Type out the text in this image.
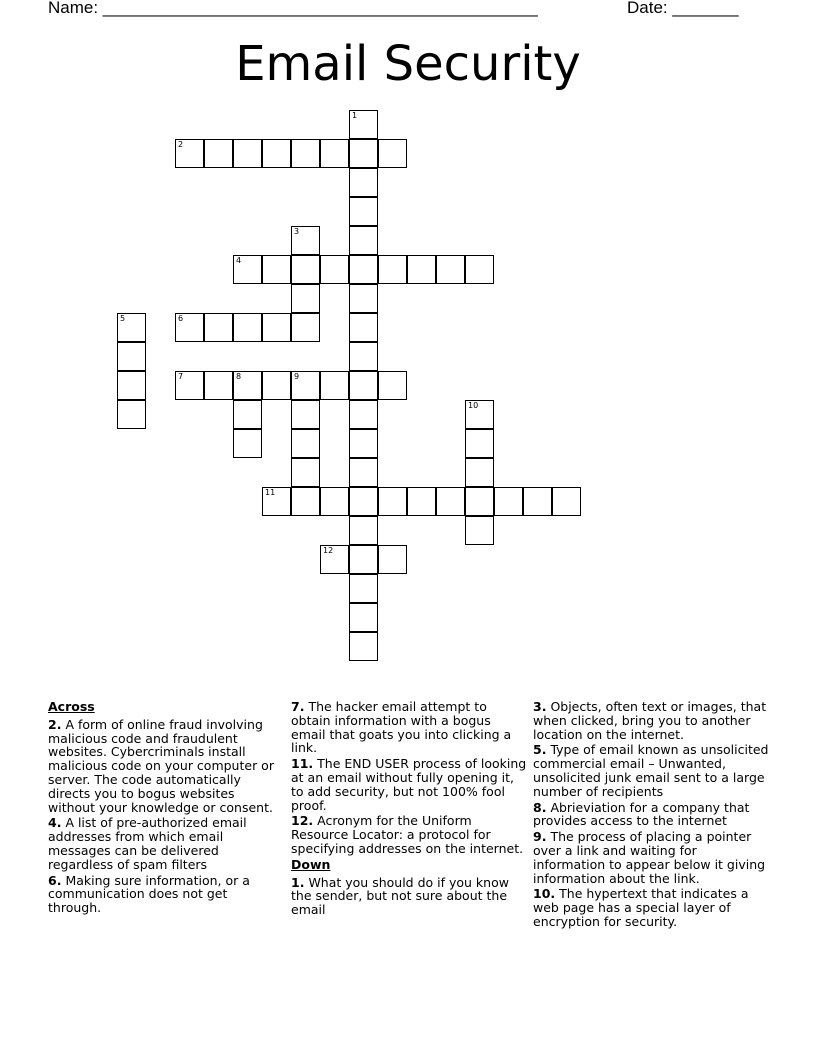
Name: ______________________________________________	Date: _______
Email Security
1
2
3
4
5	6
7	8	9
10
11
12
Across
2. A form of online fraud involving malicious code and fraudulent websites. Cybercriminals install malicious code on your computer or server. The code automatically directs you to bogus websites without your knowledge or consent.
4. A list of pre-authorized email addresses from which email messages can be delivered regardless of spam filters
6. Making sure information, or a communication does not get through.
7. The hacker email attempt to obtain information with a bogus email that goats you into clicking a link.
11. The END USER process of looking at an email without fully opening it, to add security, but not 100% fool proof.
12. Acronym for the Uniform Resource Locator: a protocol for specifying addresses on the internet.
Down
1. What you should do if you know the sender, but not sure about the email
3. Objects, often text or images, that when clicked, bring you to another location on the internet.
5. Type of email known as unsolicited commercial email – Unwanted, unsolicited junk email sent to a large number of recipients
8. Abrieviation for a company that provides access to the internet
9. The process of placing a pointer over a link and waiting for information to appear below it giving information about the link.
10. The hypertext that indicates a web page has a special layer of encryption for security.
